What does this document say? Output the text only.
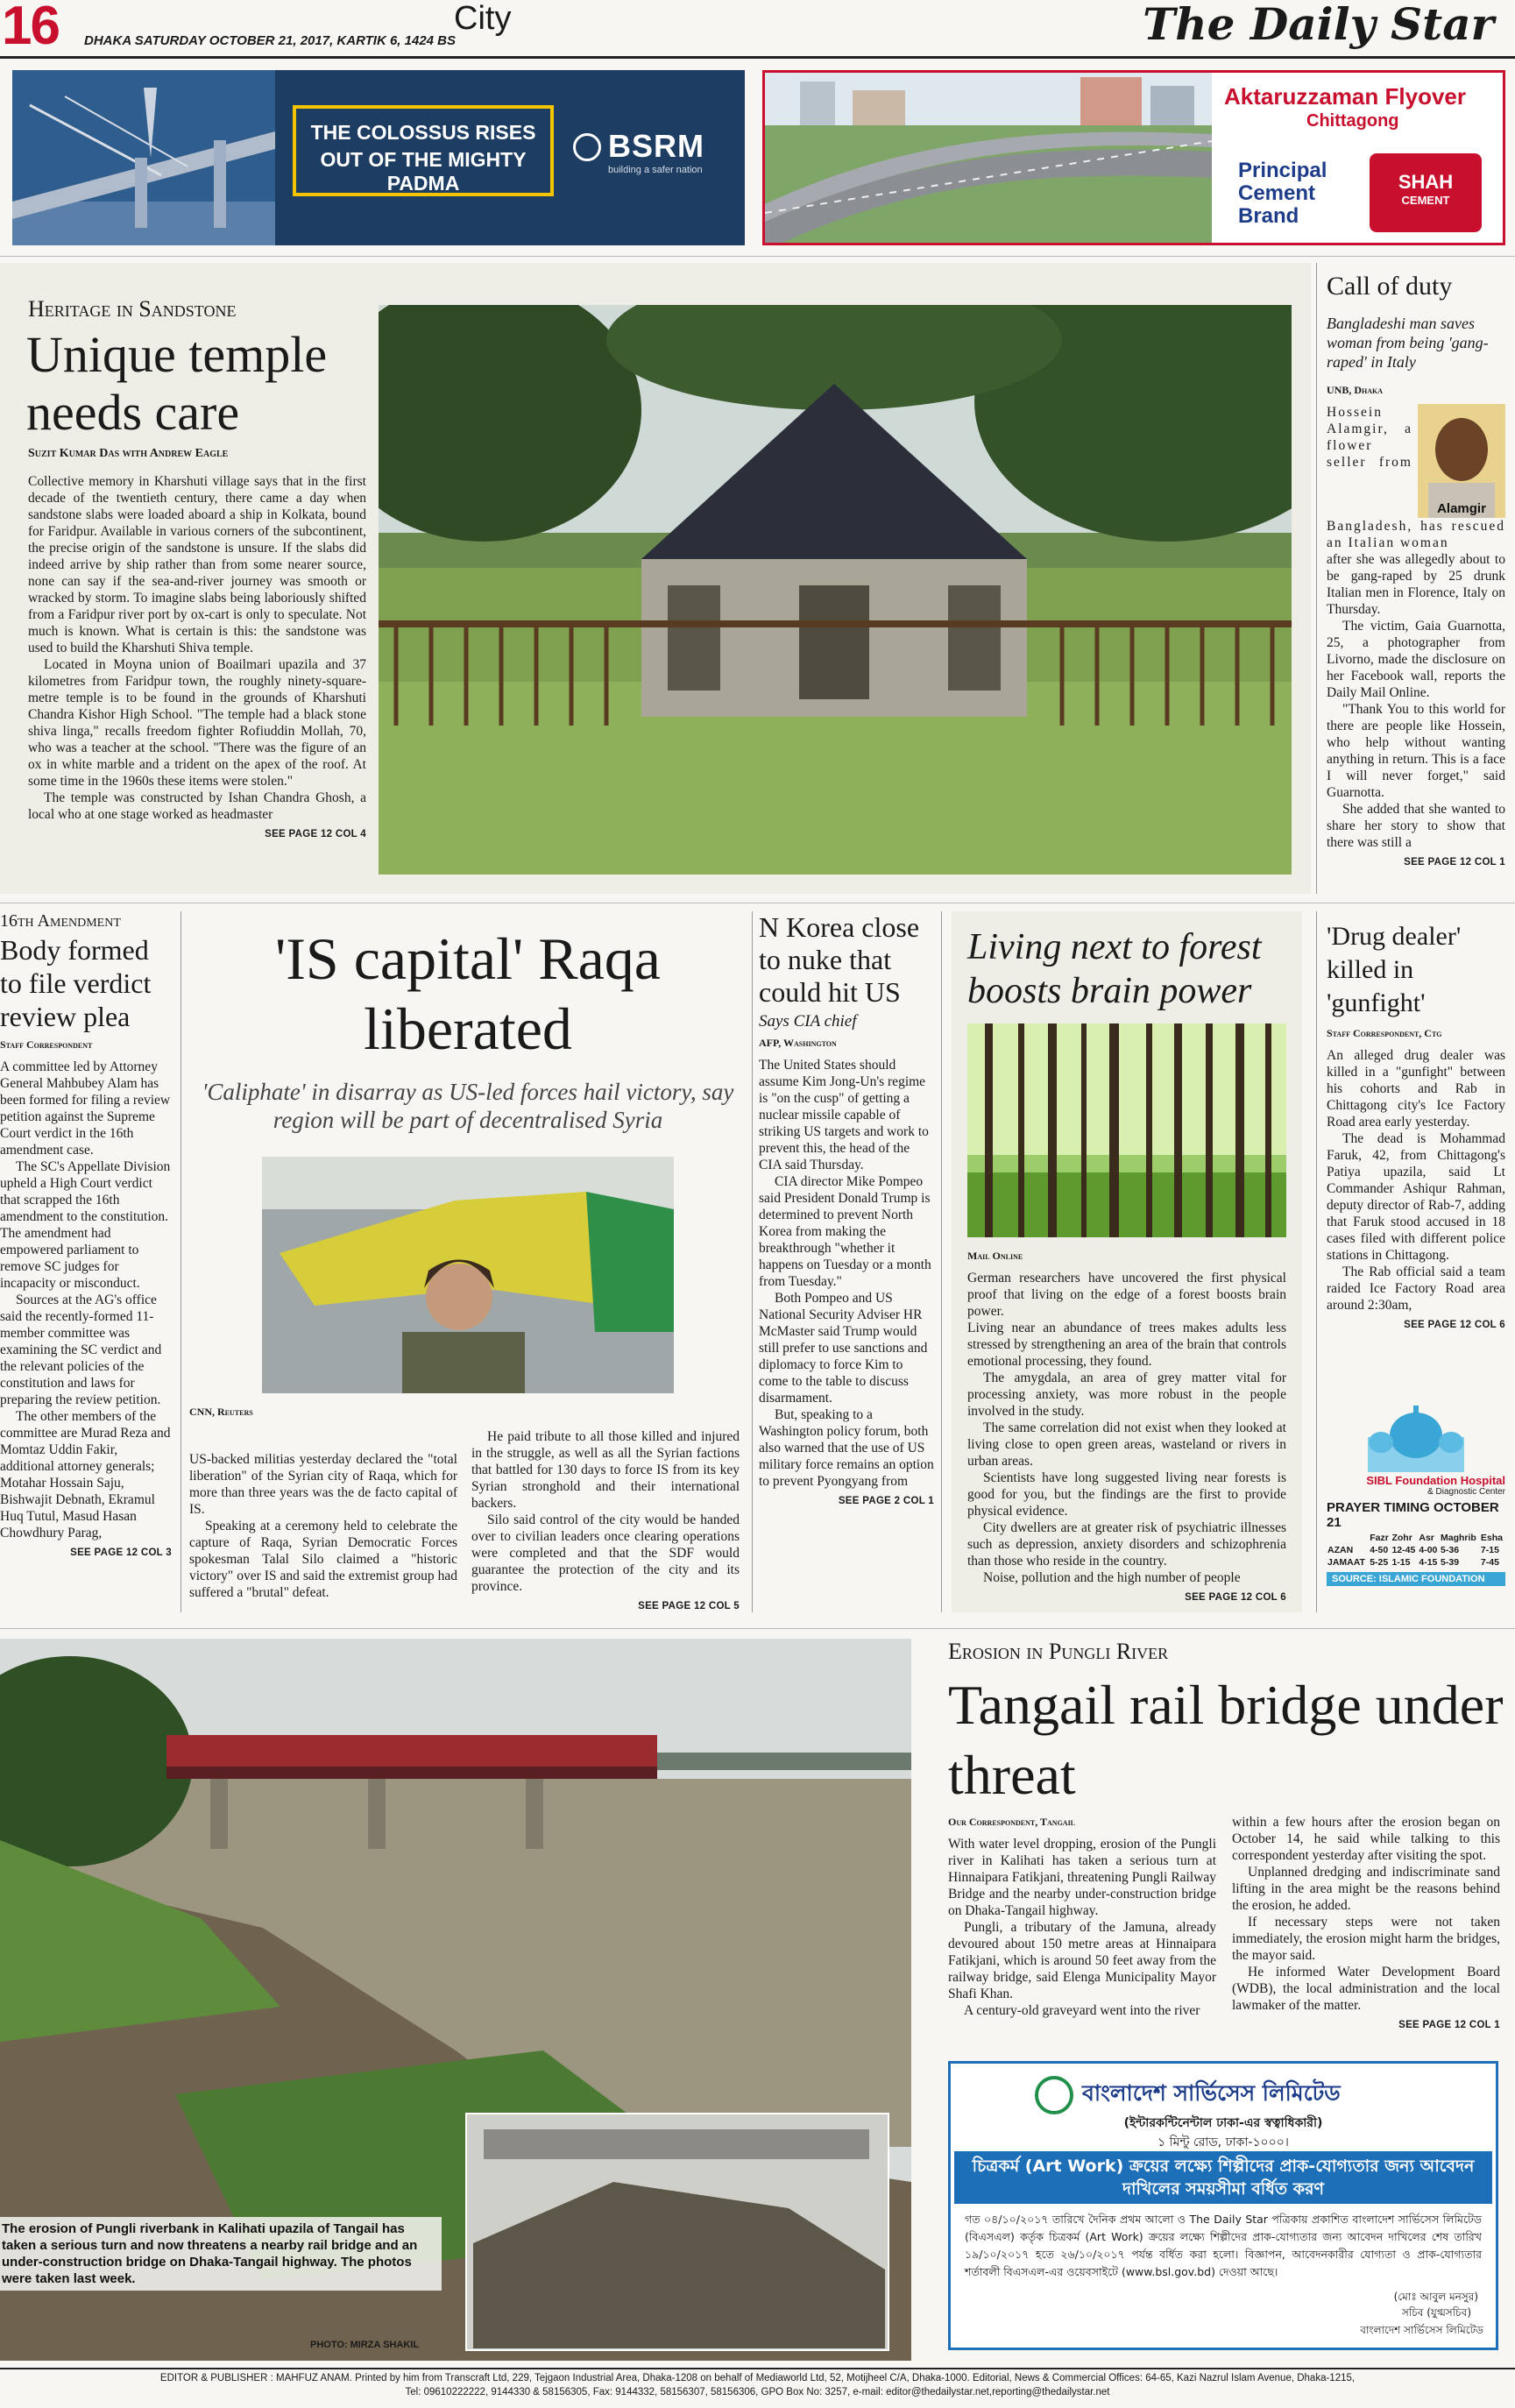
16 DHAKA SATURDAY OCTOBER 21, 2017, KARTIK 6, 1424 BS
City	The Daily Star
THE COLOSSUS RISES
OUT OF THE MIGHTY PADMA
BSRM
building a safer nation
Aktaruzzaman Flyover
Chittagong
Principal
Cement
Brand
SHAH
CEMENT
Heritage in Sandstone
Unique temple needs care
Suzit Kumar Das with Andrew Eagle

Collective memory in Kharshuti village says that in the first decade of the twentieth century, there came a day when sandstone slabs were loaded aboard a ship in Kolkata, bound for Faridpur. Available in various corners of the subcontinent, the precise origin of the sandstone is unsure. If the slabs did indeed arrive by ship rather than from some nearer source, none can say if the sea-and-river journey was smooth or wracked by storm. To imagine slabs being laboriously shifted from a Faridpur river port by ox-cart is only to speculate. Not much is known. What is certain is this: the sandstone was used to build the Kharshuti Shiva temple.

Located in Moyna union of Boailmari upazila and 37 kilometres from Faridpur town, the roughly ninety-square-metre temple is to be found in the grounds of Kharshuti Chandra Kishor High School. "The temple had a black stone shiva linga," recalls freedom fighter Rofiuddin Mollah, 70, who was a teacher at the school. "There was the figure of an ox in white marble and a trident on the apex of the roof. At some time in the 1960s these items were stolen."

The temple was constructed by Ishan Chandra Ghosh, a local who at one stage worked as headmaster

SEE PAGE 12 COL 4
Call of duty
Bangladeshi man saves woman from being 'gang-raped' in Italy
UNB, Dhaka
Alamgir
Hossein Alamgir, a flower seller from Bangladesh, has rescued an Italian woman

after she was allegedly about to be gang-raped by 25 drunk Italian men in Florence, Italy on Thursday.

The victim, Gaia Guarnotta, 25, a photographer from Livorno, made the disclosure on her Facebook wall, reports the Daily Mail Online.

"Thank You to this world for there are people like Hossein, who help without wanting anything in return. This is a face I will never forget," said Guarnotta.

She added that she wanted to share her story to show that there was still a

SEE PAGE 12 COL 1
16th Amendment
Body formed to file verdict review plea
Staff Correspondent

A committee led by Attorney General Mahbubey Alam has been formed for filing a review petition against the Supreme Court verdict in the 16th amendment case.

The SC's Appellate Division upheld a High Court verdict that scrapped the 16th amendment to the constitution. The amendment had empowered parliament to remove SC judges for incapacity or misconduct.

Sources at the AG's office said the recently-formed 11-member committee was examining the SC verdict and the relevant policies of the constitution and laws for preparing the review petition.

The other members of the committee are Murad Reza and Momtaz Uddin Fakir, additional attorney generals; Motahar Hossain Saju, Bishwajit Debnath, Ekramul Huq Tutul, Masud Hasan Chowdhury Parag,

SEE PAGE 12 COL 3
'IS capital' Raqa liberated
'Caliphate' in disarray as US-led forces hail victory, say region will be part of decentralised Syria
CNN, Reuters

US-backed militias yesterday declared the "total liberation" of the Syrian city of Raqa, which for more than three years was the de facto capital of IS.

Speaking at a ceremony held to celebrate the capture of Raqa, Syrian Democratic Forces spokesman Talal Silo claimed a "historic victory" over IS and said the extremist group had suffered a "brutal" defeat.

He paid tribute to all those killed and injured in the struggle, as well as all the Syrian factions that battled for 130 days to force IS from its key Syrian stronghold and their international backers.

Silo said control of the city would be handed over to civilian leaders once clearing operations were completed and that the SDF would guarantee the protection of the city and its province.

SEE PAGE 12 COL 5
N Korea close to nuke that could hit US
Says CIA chief
AFP, Washington

The United States should assume Kim Jong-Un's regime is "on the cusp" of getting a nuclear missile capable of striking US targets and work to prevent this, the head of the CIA said Thursday.

CIA director Mike Pompeo said President Donald Trump is determined to prevent North Korea from making the breakthrough "whether it happens on Tuesday or a month from Tuesday."

Both Pompeo and US National Security Adviser HR McMaster said Trump would still prefer to use sanctions and diplomacy to force Kim to come to the table to discuss disarmament.

But, speaking to a Washington policy forum, both also warned that the use of US military force remains an option to prevent Pyongyang from

SEE PAGE 2 COL 1
Living next to forest boosts brain power
Mail Online

German researchers have uncovered the first physical proof that living on the edge of a forest boosts brain power.

Living near an abundance of trees makes adults less stressed by strengthening an area of the brain that controls emotional processing, they found.

The amygdala, an area of grey matter vital for processing anxiety, was more robust in the people involved in the study.

The same correlation did not exist when they looked at living close to open green areas, wasteland or rivers in urban areas.

Scientists have long suggested living near forests is good for you, but the findings are the first to provide physical evidence.

City dwellers are at greater risk of psychiatric illnesses such as depression, anxiety disorders and schizophrenia than those who reside in the country.

Noise, pollution and the high number of people

SEE PAGE 12 COL 6
'Drug dealer' killed in 'gunfight'
Staff Correspondent, Ctg

An alleged drug dealer was killed in a "gunfight" between his cohorts and Rab in Chittagong city's Ice Factory Road area early yesterday.

The dead is Mohammad Faruk, 42, from Chittagong's Patiya upazila, said Lt Commander Ashiqur Rahman, deputy director of Rab-7, adding that Faruk stood accused in 18 cases filed with different police stations in Chittagong.

The Rab official said a team raided Ice Factory Road area around 2:30am,

SEE PAGE 12 COL 6
SIBL Foundation Hospital
& Diagnostic Center
PRAYER TIMING OCTOBER 21
	Fazr	Zohr	Asr	Maghrib	Esha
AZAN	4-50	12-45	4-00	5-36	7-15
JAMAAT	5-25	1-15	4-15	5-39	7-45
SOURCE: ISLAMIC FOUNDATION
The erosion of Pungli riverbank in Kalihati upazila of Tangail has taken a serious turn and now threatens a nearby rail bridge and an under-construction bridge on Dhaka-Tangail highway. The photos were taken last week.
PHOTO: MIRZA SHAKIL
Erosion in Pungli River
Tangail rail bridge under threat
Our Correspondent, Tangail

With water level dropping, erosion of the Pungli river in Kalihati has taken a serious turn at Hinnaipara Fatikjani, threatening Pungli Railway Bridge and the nearby under-construction bridge on Dhaka-Tangail highway.

Pungli, a tributary of the Jamuna, already devoured about 150 metre areas at Hinnaipara Fatikjani, which is around 50 feet away from the railway bridge, said Elenga Municipality Mayor Shafi Khan.

A century-old graveyard went into the river

within a few hours after the erosion began on October 14, he said while talking to this correspondent yesterday after visiting the spot.

Unplanned dredging and indiscriminate sand lifting in the area might be the reasons behind the erosion, he added.

If necessary steps were not taken immediately, the erosion might harm the bridges, the mayor said.

He informed Water Development Board (WDB), the local administration and the local lawmaker of the matter.

SEE PAGE 12 COL 1
বাংলাদেশ সার্ভিসেস লিমিটেড
(ইন্টারকন্টিনেন্টাল ঢাকা-এর স্বত্বাধিকারী)
১ মিন্টু রোড, ঢাকা-১০০০।
চিত্রকর্ম (Art Work) ক্রয়ের লক্ষ্যে শিল্পীদের প্রাক-যোগ্যতার জন্য আবেদন দাখিলের সময়সীমা বর্ধিত করণ
গত ০৪/১০/২০১৭ তারিখে দৈনিক প্রথম আলো ও The Daily Star পত্রিকায় প্রকাশিত বাংলাদেশ সার্ভিসেস লিমিটেড (বিএসএল) কর্তৃক চিত্রকর্ম (Art Work) ক্রয়ের লক্ষ্যে শিল্পীদের প্রাক-যোগ্যতার জন্য আবেদন দাখিলের শেষ তারিখ ১৯/১০/২০১৭ হতে ২৬/১০/২০১৭ পর্যন্ত বর্ধিত করা হলো। বিজ্ঞাপন, আবেদনকারীর যোগ্যতা ও প্রাক-যোগ্যতার শর্তাবলী বিএসএল-এর ওয়েবসাইটে (www.bsl.gov.bd) দেওয়া আছে।
(মোঃ আবুল মনসুর)
সচিব (যুগ্মসচিব)
বাংলাদেশ সার্ভিসেস লিমিটেড
EDITOR & PUBLISHER : MAHFUZ ANAM. Printed by him from Transcraft Ltd, 229, Tejgaon Industrial Area, Dhaka-1208 on behalf of Mediaworld Ltd, 52, Motijheel C/A, Dhaka-1000. Editorial, News & Commercial Offices: 64-65, Kazi Nazrul Islam Avenue, Dhaka-1215,
Tel: 09610222222, 9144330 & 58156305, Fax: 9144332, 58156307, 58156306, GPO Box No: 3257, e-mail: editor@thedailystar.net,reporting@thedailystar.net
